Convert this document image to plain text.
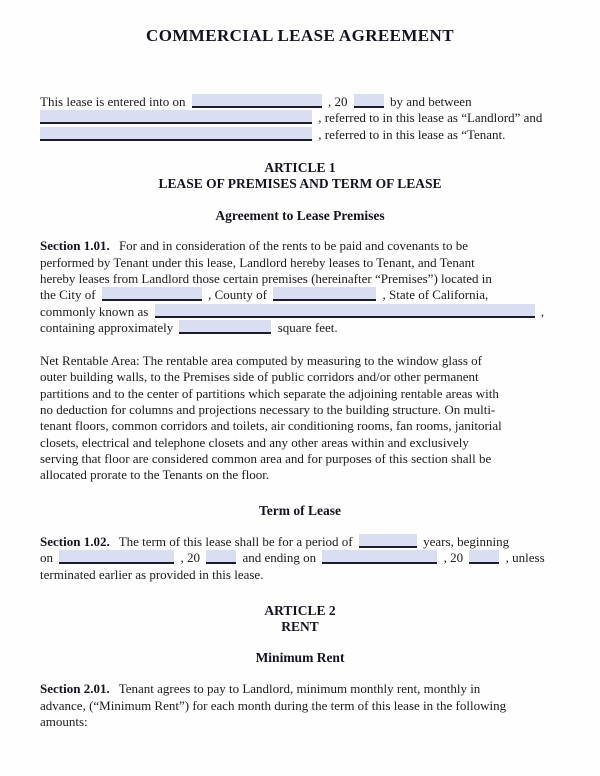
COMMERCIAL LEASE AGREEMENT
This lease is entered into on	, 20	by and between
, referred to in this lease as “Landlord” and
, referred to in this lease as “Tenant.
ARTICLE 1
LEASE OF PREMISES AND TERM OF LEASE
Agreement to Lease Premises
Section 1.01. For and in consideration of the rents to be paid and covenants to be
performed by Tenant under this lease, Landlord hereby leases to Tenant, and Tenant
hereby leases from Landlord those certain premises (hereinafter “Premises”) located in
the City of	, County of	, State of California,
commonly known as	,
containing approximately	square feet.
Net Rentable Area: The rentable area computed by measuring to the window glass of
outer building walls, to the Premises side of public corridors and/or other permanent
partitions and to the center of partitions which separate the adjoining rentable areas with
no deduction for columns and projections necessary to the building structure. On multi-
tenant floors, common corridors and toilets, air conditioning rooms, fan rooms, janitorial
closets, electrical and telephone closets and any other areas within and exclusively
serving that floor are considered common area and for purposes of this section shall be
allocated prorate to the Tenants on the floor.
Term of Lease
Section 1.02. The term of this lease shall be for a period of	years, beginning
on	, 20	and ending on	, 20	, unless
terminated earlier as provided in this lease.
ARTICLE 2
RENT
Minimum Rent
Section 2.01. Tenant agrees to pay to Landlord, minimum monthly rent, monthly in
advance, (“Minimum Rent”) for each month during the term of this lease in the following
amounts:
